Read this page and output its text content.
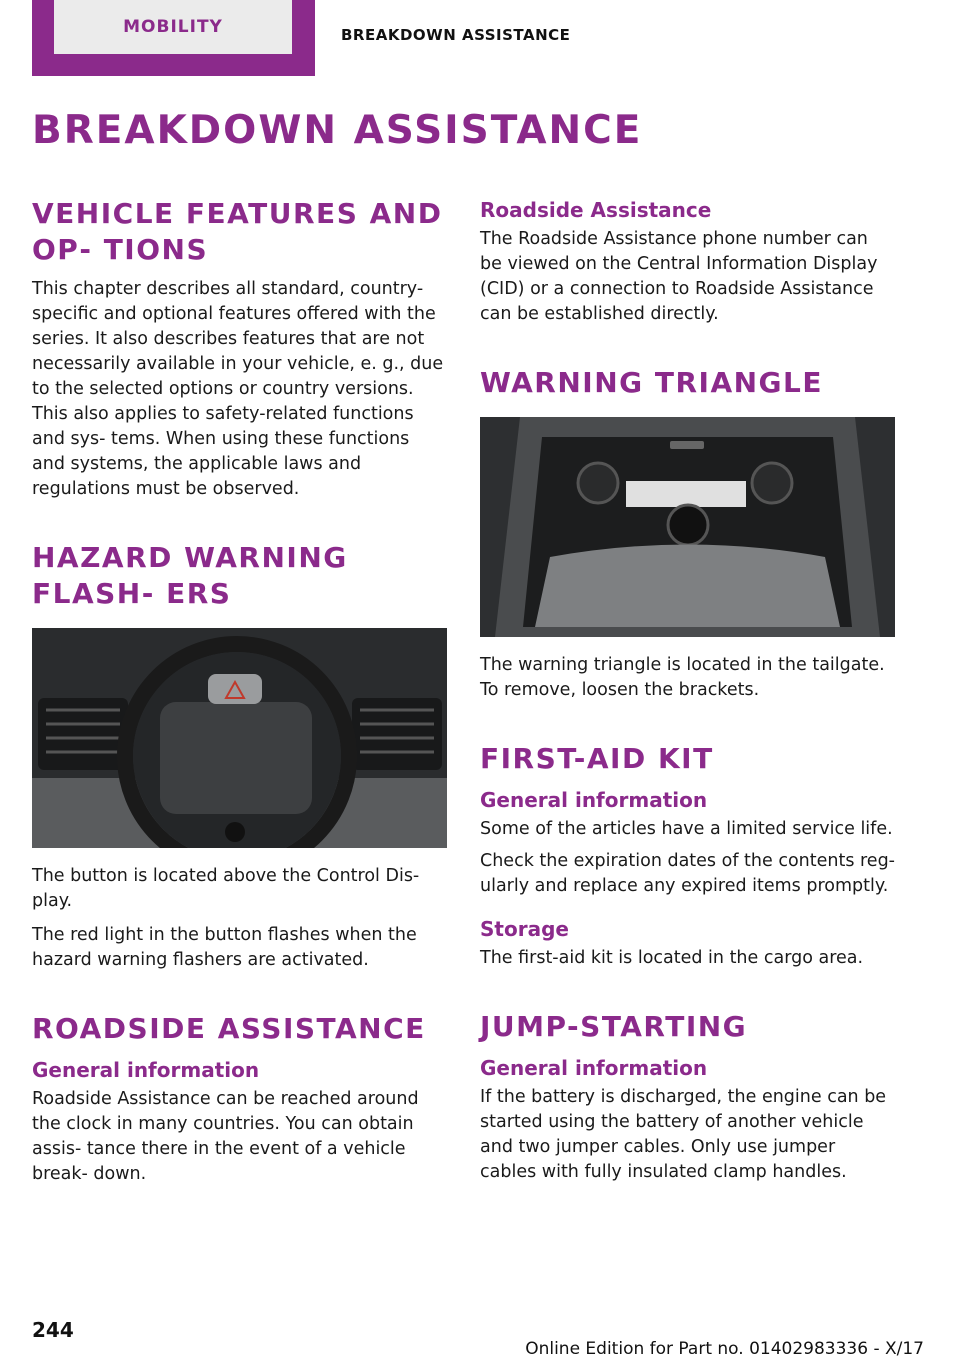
MOBILITY	BREAKDOWN ASSISTANCE
BREAKDOWN ASSISTANCE
VEHICLE FEATURES AND OP‐ TIONS

This chapter describes all standard, country-specific and optional features offered with the series. It also describes features that are not necessarily available in your vehicle, e. g., due to the selected options or country versions. This also applies to safety-related functions and sys‐ tems. When using these functions and systems, the applicable laws and regulations must be observed.

HAZARD WARNING FLASH‐ ERS

The button is located above the Control Dis‐ play.

The red light in the button flashes when the hazard warning flashers are activated.

ROADSIDE ASSISTANCE
General information

Roadside Assistance can be reached around the clock in many countries. You can obtain assis‐ tance there in the event of a vehicle break‐ down.

Roadside Assistance

The Roadside Assistance phone number can be viewed on the Central Information Display (CID) or a connection to Roadside Assistance can be established directly.

WARNING TRIANGLE

The warning triangle is located in the tailgate. To remove, loosen the brackets.

FIRST-AID KIT
General information

Some of the articles have a limited service life.

Check the expiration dates of the contents reg‐ ularly and replace any expired items promptly.

Storage

The first-aid kit is located in the cargo area.

JUMP-STARTING
General information

If the battery is discharged, the engine can be started using the battery of another vehicle and two jumper cables. Only use jumper cables with fully insulated clamp handles.

244
Online Edition for Part no. 01402983336 - X/17
